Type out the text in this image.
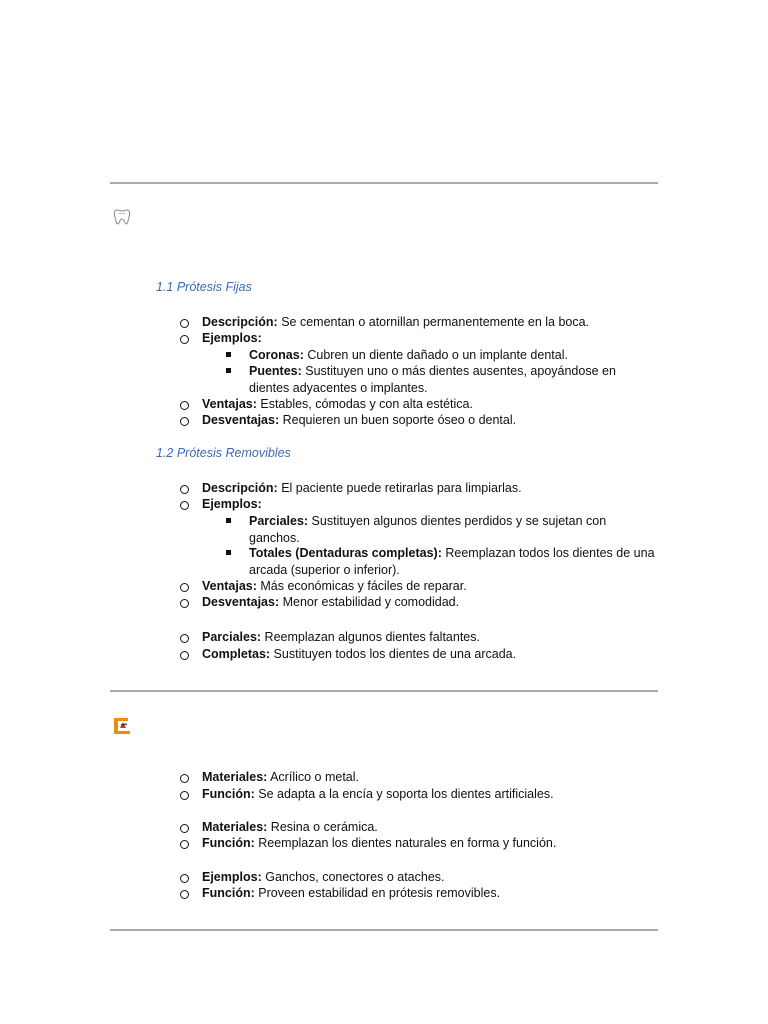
1.1 Prótesis Fijas
Descripción: Se cementan o atornillan permanentemente en la boca.
Ejemplos:
Coronas: Cubren un diente dañado o un implante dental.
Puentes: Sustituyen uno o más dientes ausentes, apoyándose en dientes adyacentes o implantes.
Ventajas: Estables, cómodas y con alta estética.
Desventajas: Requieren un buen soporte óseo o dental.
1.2 Prótesis Removibles
Descripción: El paciente puede retirarlas para limpiarlas.
Ejemplos:
Parciales: Sustituyen algunos dientes perdidos y se sujetan con ganchos.
Totales (Dentaduras completas): Reemplazan todos los dientes de una arcada (superior o inferior).
Ventajas: Más económicas y fáciles de reparar.
Desventajas: Menor estabilidad y comodidad.
Parciales: Reemplazan algunos dientes faltantes.
Completas: Sustituyen todos los dientes de una arcada.
Materiales: Acrílico o metal.
Función: Se adapta a la encía y soporta los dientes artificiales.
Materiales: Resina o cerámica.
Función: Reemplazan los dientes naturales en forma y función.
Ejemplos: Ganchos, conectores o ataches.
Función: Proveen estabilidad en prótesis removibles.
